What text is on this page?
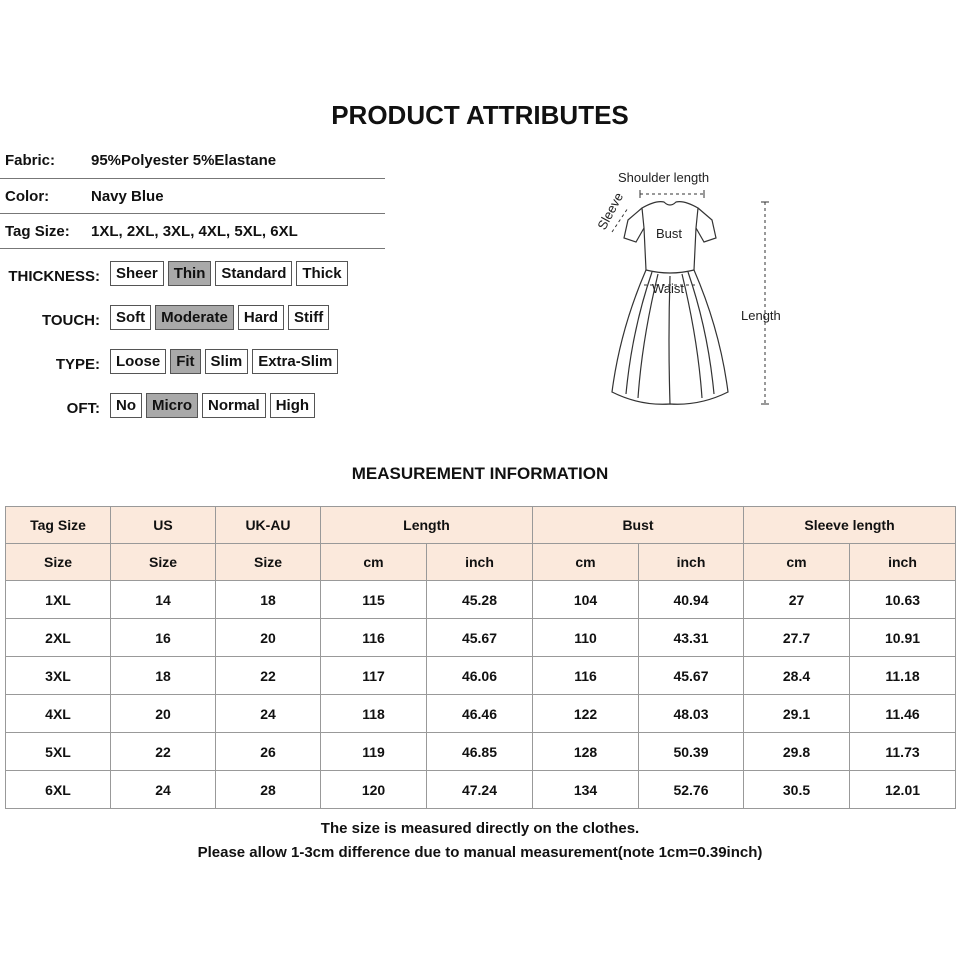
PRODUCT ATTRIBUTES
Fabric: 95%Polyester 5%Elastane
Color:	Navy Blue
Tag Size: 1XL, 2XL, 3XL, 4XL, 5XL, 6XL
THICKNESS:	Sheer	Thin	Standard	Thick
TOUCH:	Soft	Moderate	Hard	Stiff
TYPE:	Loose	Fit	Slim	Extra-Slim
OFT:	No	Micro	Normal	High
Shoulder length
Sleeve
Bust
Waist
Length
MEASUREMENT INFORMATION
Tag Size	US	UK-AU	Length		Bust		Sleeve length	
Size	Size	Size	cm	inch	cm	inch	cm	inch
1XL	14	18	115	45.28	104	40.94	27	10.63
2XL	16	20	116	45.67	110	43.31	27.7	10.91
3XL	18	22	117	46.06	116	45.67	28.4	11.18
4XL	20	24	118	46.46	122	48.03	29.1	11.46
5XL	22	26	119	46.85	128	50.39	29.8	11.73
6XL	24	28	120	47.24	134	52.76	30.5	12.01
The size is measured directly on the clothes.
Please allow 1-3cm difference due to manual measurement(note 1cm=0.39inch)
